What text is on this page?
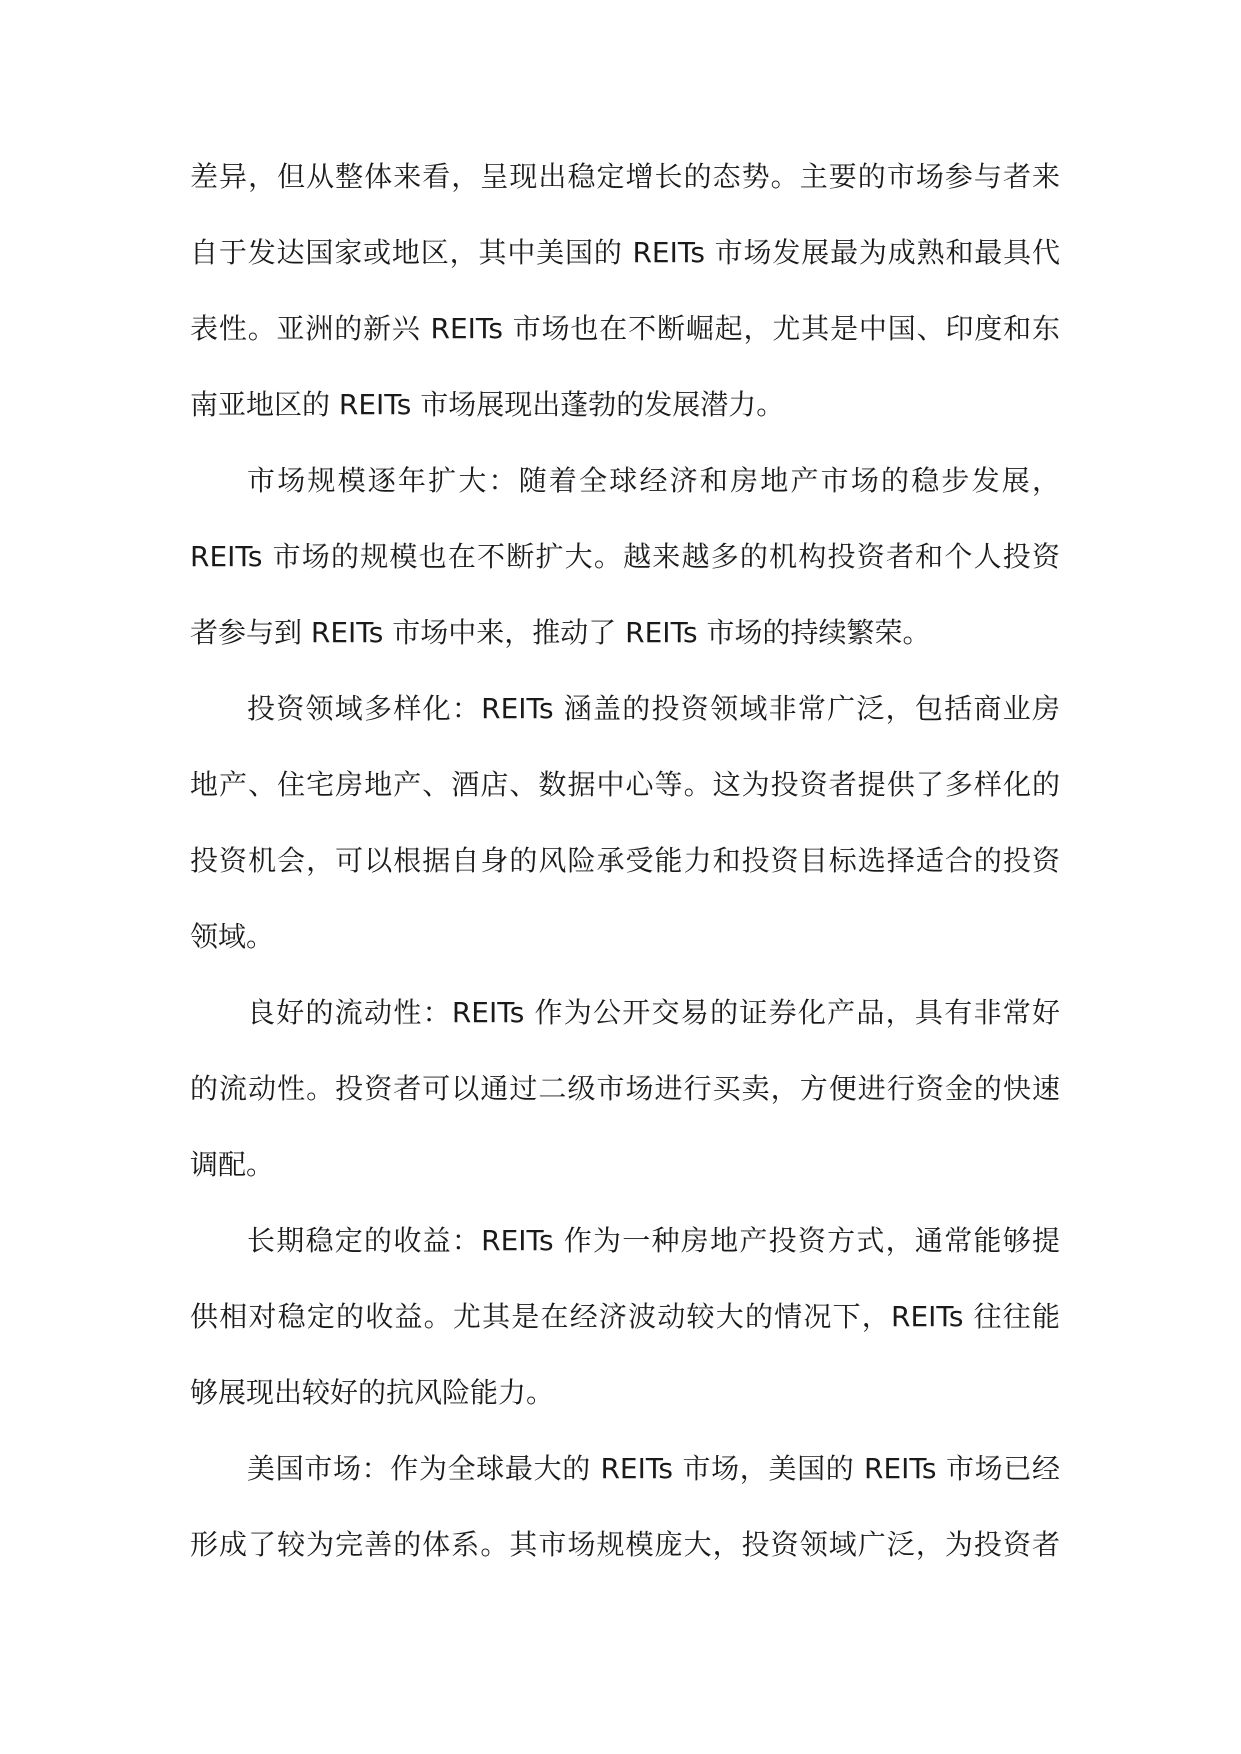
差异，但从整体来看，呈现出稳定增长的态势。主要的市场参与者来
自于发达国家或地区，其中美国的 REITs 市场发展最为成熟和最具代
表性。亚洲的新兴 REITs 市场也在不断崛起，尤其是中国、印度和东
南亚地区的 REITs 市场展现出蓬勃的发展潜力。
市场规模逐年扩大：随着全球经济和房地产市场的稳步发展，
REITs 市场的规模也在不断扩大。越来越多的机构投资者和个人投资
者参与到 REITs 市场中来，推动了 REITs 市场的持续繁荣。
投资领域多样化：REITs 涵盖的投资领域非常广泛，包括商业房
地产、住宅房地产、酒店、数据中心等。这为投资者提供了多样化的
投资机会，可以根据自身的风险承受能力和投资目标选择适合的投资
领域。
良好的流动性：REITs 作为公开交易的证券化产品，具有非常好
的流动性。投资者可以通过二级市场进行买卖，方便进行资金的快速
调配。
长期稳定的收益：REITs 作为一种房地产投资方式，通常能够提
供相对稳定的收益。尤其是在经济波动较大的情况下，REITs 往往能
够展现出较好的抗风险能力。
美国市场：作为全球最大的 REITs 市场，美国的 REITs 市场已经
形成了较为完善的体系。其市场规模庞大，投资领域广泛，为投资者
